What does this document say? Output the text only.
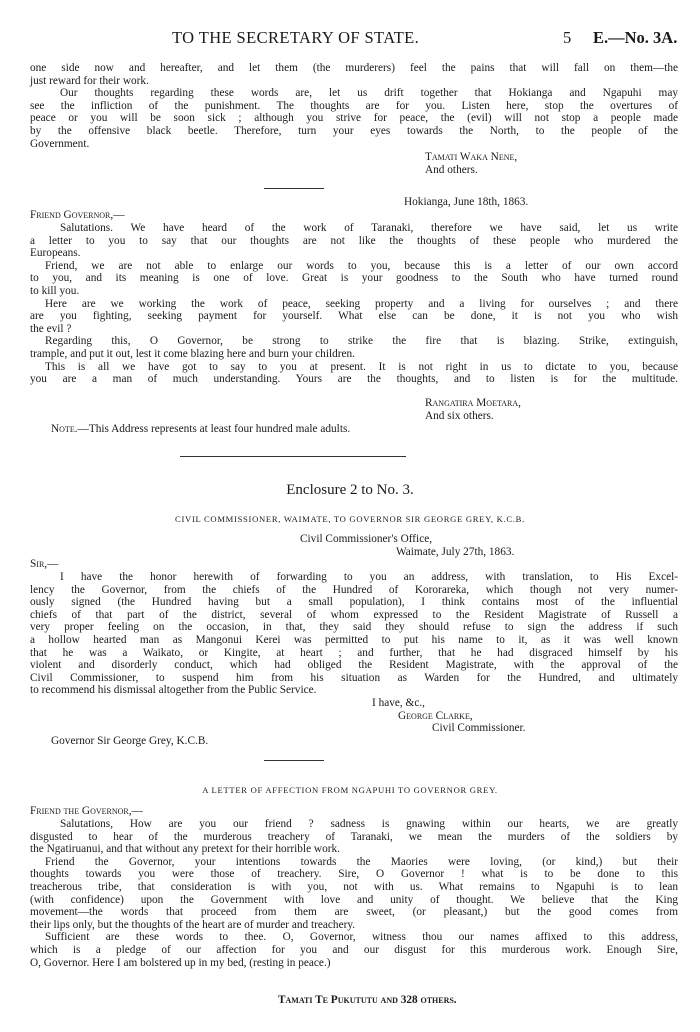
TO THE SECRETARY OF STATE.	5 E.—No. 3A.
one side now and hereafter, and let them (the murderers) feel the pains that will fall on them—the
just reward for their work.
Our thoughts regarding these words are, let us drift together that Hokianga and Ngapuhi may
see the infliction of the punishment. The thoughts are for you. Listen here, stop the overtures of
peace or you will be soon sick ; although you strive for peace, the (evil) will not stop a people made
by the offensive black beetle. Therefore, turn your eyes towards the North, to the people of the
Government.
Tamati Waka Nene,
And others.
Hokianga, June 18th, 1863.
Friend Governor,—
Salutations. We have heard of the work of Taranaki, therefore we have said, let us write
a letter to you to say that our thoughts are not like the thoughts of these people who murdered the
Europeans.
Friend, we are not able to enlarge our words to you, because this is a letter of our own accord
to you, and its meaning is one of love. Great is your goodness to the South who have turned round
to kill you.
Here are we working the work of peace, seeking property and a living for ourselves ; and there
are you fighting, seeking payment for yourself. What else can be done, it is not you who wish
the evil ?
Regarding this, O Governor, be strong to strike the fire that is blazing. Strike, extinguish,
trample, and put it out, lest it come blazing here and burn your children.
This is all we have got to say to you at present. It is not right in us to dictate to you, because
you are a man of much understanding. Yours are the thoughts, and to listen is for the multitude.
Rangatira Moetara,
And six others.
Note.—This Address represents at least four hundred male adults.
Enclosure 2 to No. 3.
CIVIL COMMISSIONER, WAIMATE, TO GOVERNOR SIR GEORGE GREY, K.C.B.
Civil Commissioner's Office,
Waimate, July 27th, 1863.
Sir,—
I have the honor herewith of forwarding to you an address, with translation, to His Excel-
lency the Governor, from the chiefs of the Hundred of Kororareka, which though not very numer-
ously signed (the Hundred having but a small population), I think contains most of the influential
chiefs of that part of the district, several of whom expressed to the Resident Magistrate of Russell a
very proper feeling on the occasion, in that, they said they should refuse to sign the address if such
a hollow hearted man as Mangonui Kerei was permitted to put his name to it, as it was well known
that he was a Waikato, or Kingite, at heart ; and further, that he had disgraced himself by his
violent and disorderly conduct, which had obliged the Resident Magistrate, with the approval of the
Civil Commissioner, to suspend him from his situation as Warden for the Hundred, and ultimately
to recommend his dismissal altogether from the Public Service.
I have, &c.,
George Clarke,
Civil Commissioner.
Governor Sir George Grey, K.C.B.
A LETTER OF AFFECTION FROM NGAPUHI TO GOVERNOR GREY.
Friend the Governor,—
Salutations, How are you our friend ? sadness is gnawing within our hearts, we are greatly
disgusted to hear of the murderous treachery of Taranaki, we mean the murders of the soldiers by
the Ngatiruanui, and that without any pretext for their horrible work.
Friend the Governor, your intentions towards the Maories were loving, (or kind,) but their
thoughts towards you were those of treachery. Sire, O Governor ! what is to be done to this
treacherous tribe, that consideration is with you, not with us. What remains to Ngapuhi is to lean
(with confidence) upon the Government with love and unity of thought. We believe that the King
movement—the words that proceed from them are sweet, (or pleasant,) but the good comes from
their lips only, but the thoughts of the heart are of murder and treachery.
Sufficient are these words to thee. O, Governor, witness thou our names affixed to this address,
which is a pledge of our affection for you and our disgust for this murderous work. Enough Sire,
O, Governor. Here I am bolstered up in my bed, (resting in peace.)
Tamati Te Pukututu and 328 others.
